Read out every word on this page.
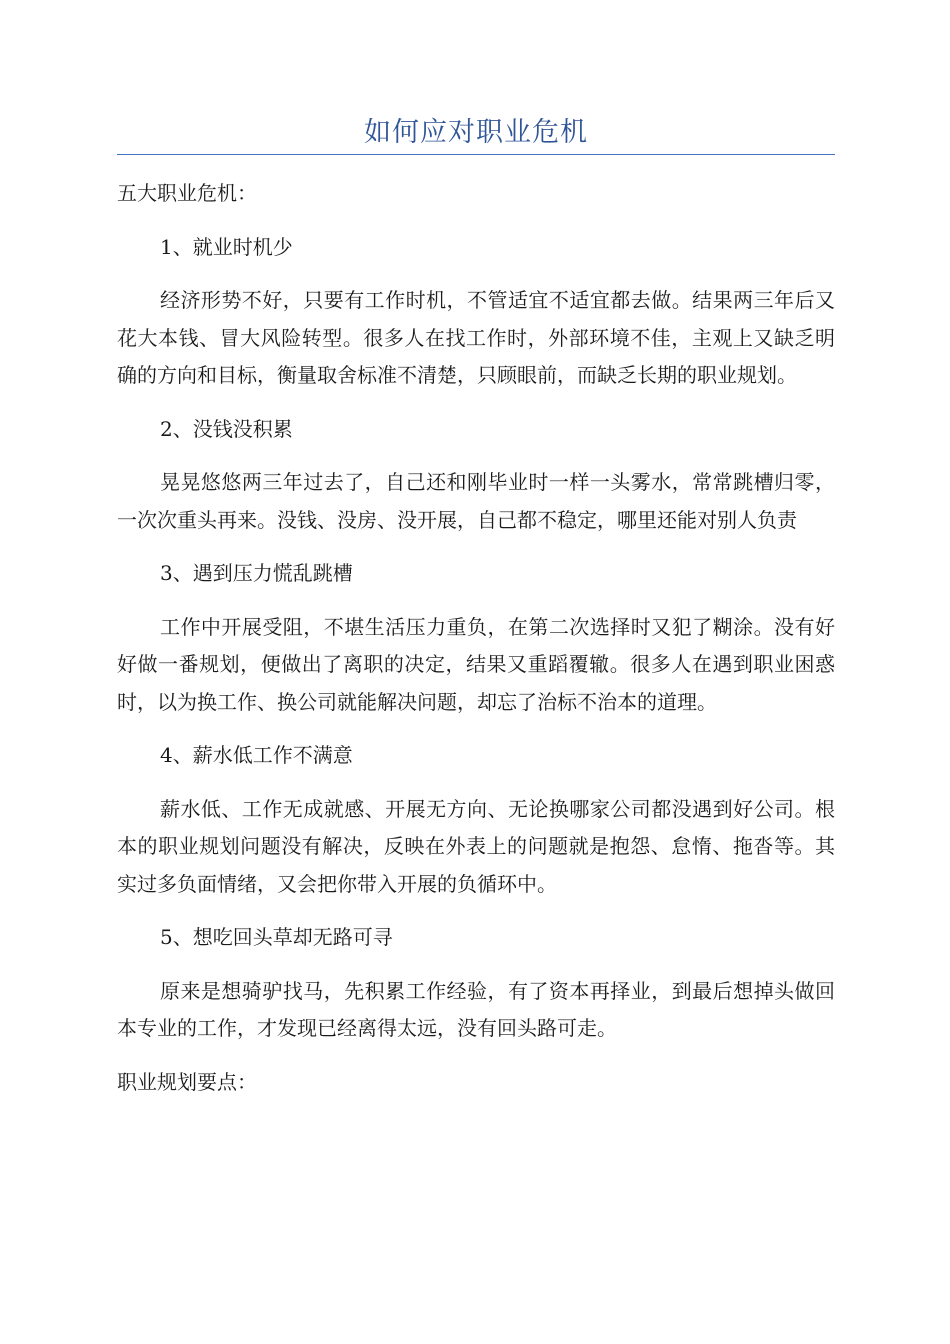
如何应对职业危机

五大职业危机：

1、就业时机少

经济形势不好，只要有工作时机，不管适宜不适宜都去做。结果两三年后又花大本钱、冒大风险转型。很多人在找工作时，外部环境不佳，主观上又缺乏明确的方向和目标，衡量取舍标准不清楚，只顾眼前，而缺乏长期的职业规划。

2、没钱没积累

晃晃悠悠两三年过去了，自己还和刚毕业时一样一头雾水，常常跳槽归零，一次次重头再来。没钱、没房、没开展，自己都不稳定，哪里还能对别人负责

3、遇到压力慌乱跳槽

工作中开展受阻，不堪生活压力重负，在第二次选择时又犯了糊涂。没有好好做一番规划，便做出了离职的决定，结果又重蹈覆辙。很多人在遇到职业困惑时，以为换工作、换公司就能解决问题，却忘了治标不治本的道理。

4、薪水低工作不满意

薪水低、工作无成就感、开展无方向、无论换哪家公司都没遇到好公司。根本的职业规划问题没有解决，反映在外表上的问题就是抱怨、怠惰、拖沓等。其实过多负面情绪，又会把你带入开展的负循环中。

5、想吃回头草却无路可寻

原来是想骑驴找马，先积累工作经验，有了资本再择业，到最后想掉头做回本专业的工作，才发现已经离得太远，没有回头路可走。

职业规划要点：
